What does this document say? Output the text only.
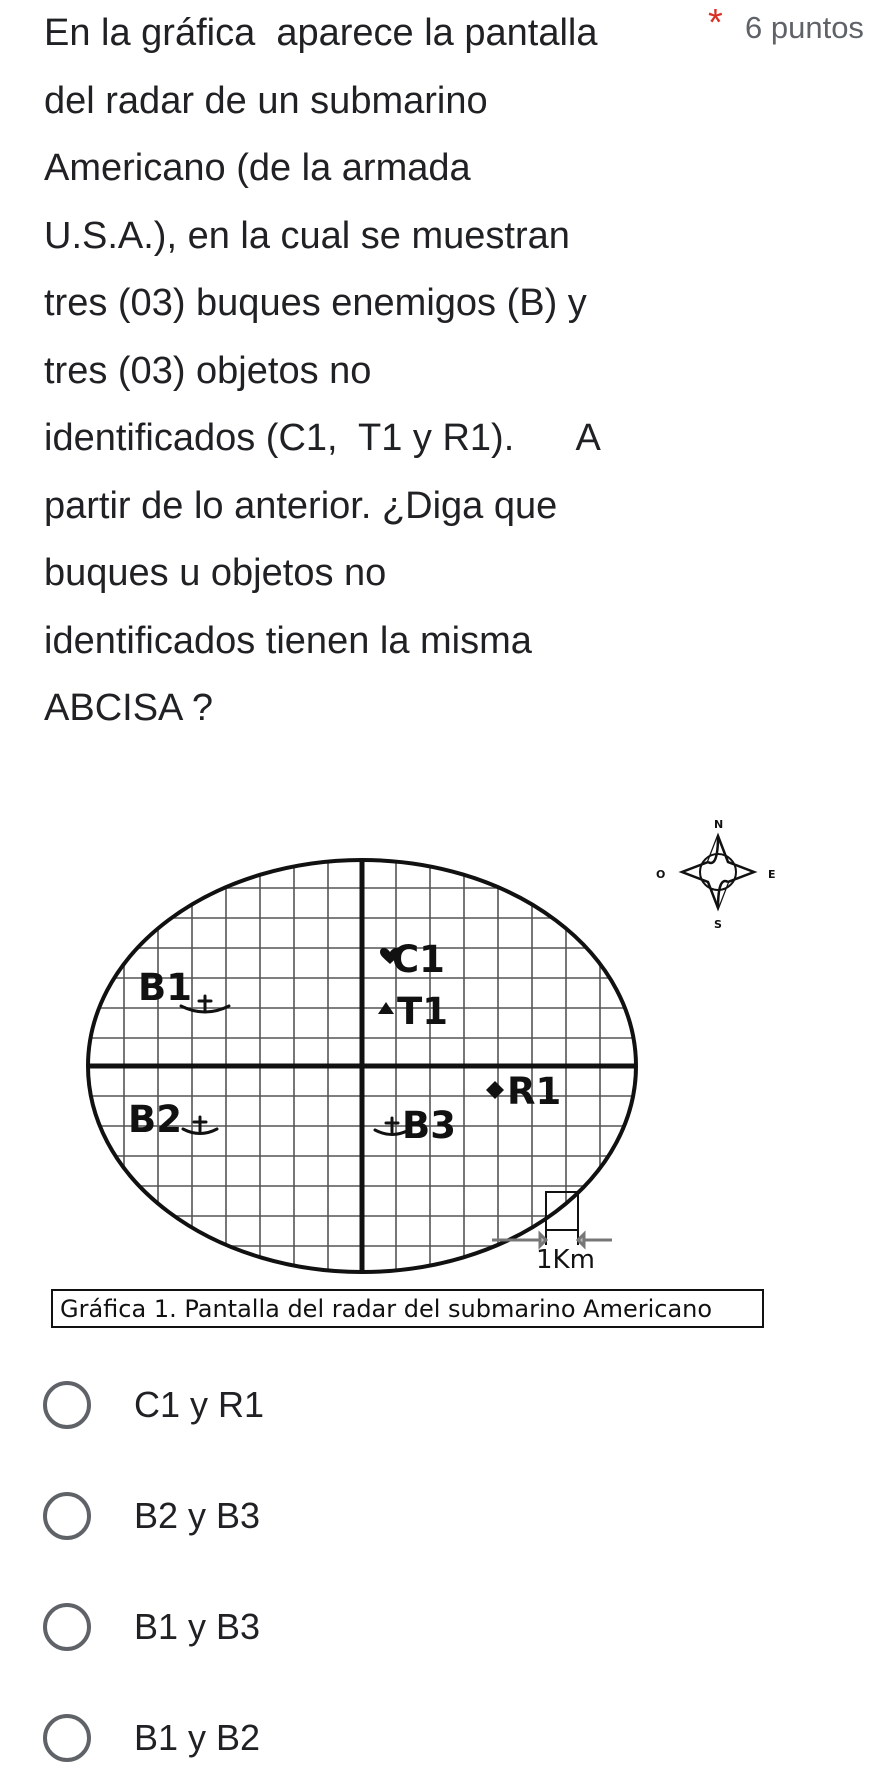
En la gráfica  aparece la pantalla
del radar de un submarino
Americano (de la armada
U.S.A.), en la cual se muestran
tres (03) buques enemigos (B) y
tres (03) objetos no
identificados (C1,  T1 y R1).      A
partir de lo anterior. ¿Diga que
buques u objetos no
identificados tienen la misma
ABCISA ?
* 6 puntos
B1
B2	B3
C1
T1
R1
1Km
N
S
E
O
Gráfica 1. Pantalla del radar del submarino Americano
C1 y R1
B2 y B3
B1 y B3
B1 y B2
